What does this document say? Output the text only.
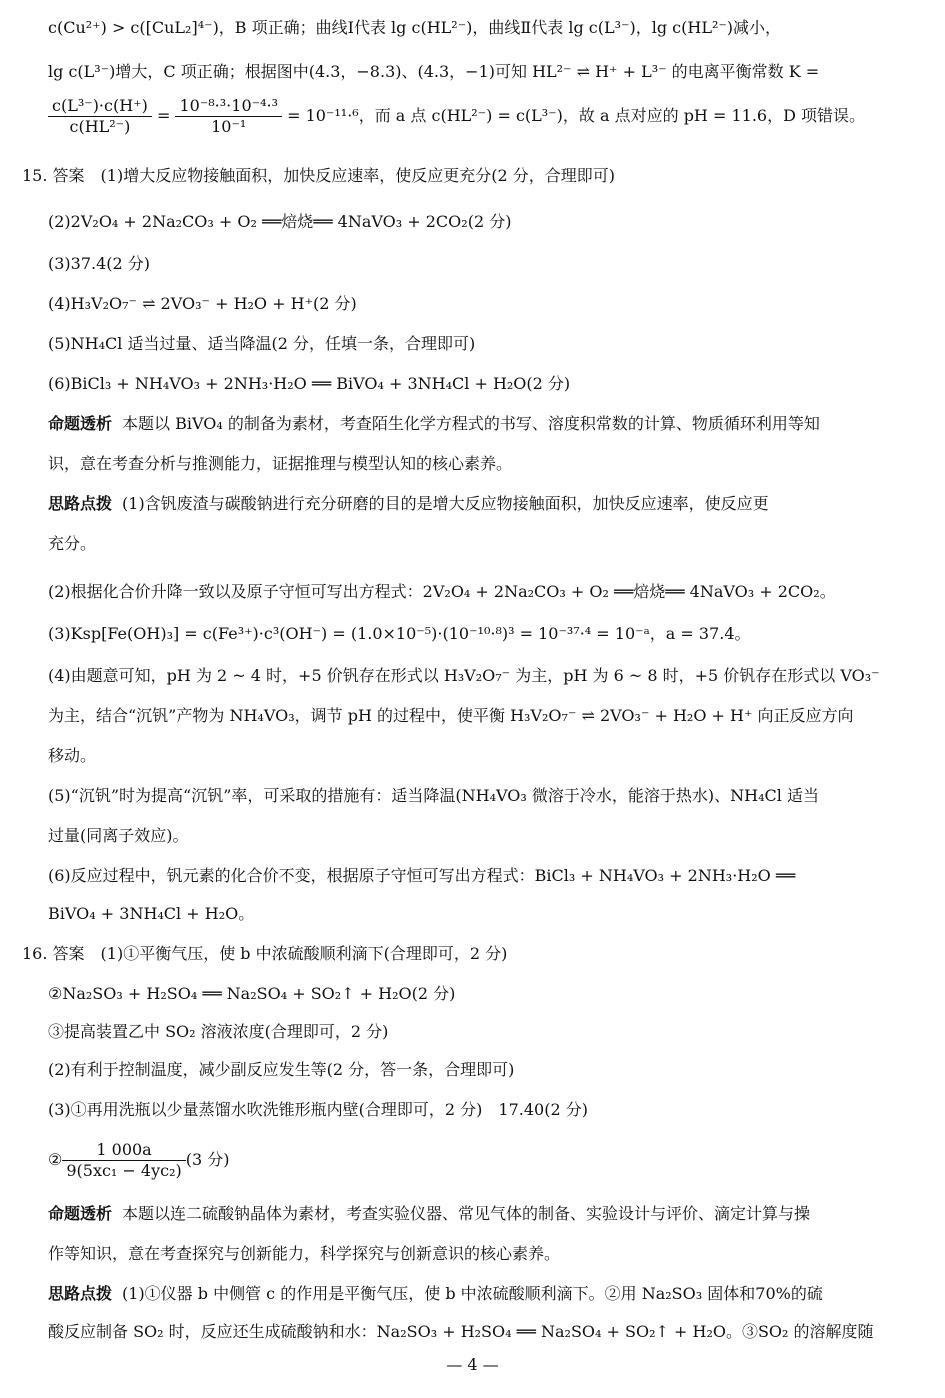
c(Cu²⁺) > c([CuL₂]⁴⁻)，B 项正确；曲线Ⅰ代表 lg c(HL²⁻)，曲线Ⅱ代表 lg c(L³⁻)，lg c(HL²⁻)减小，
lg c(L³⁻)增大，C 项正确；根据图中(4.3，−8.3)、(4.3，−1)可知 HL²⁻ ⇌ H⁺ + L³⁻ 的电离平衡常数 K =
$\frac{\text{c(L³⁻)·c(H⁺)}}{\text{c(HL²⁻)}} = \frac{\text{10⁻⁸·³·10⁻⁴·³}}{\text{10⁻¹}} = 10^{-11}\cdot^6$，而 a 点 c(HL²⁻) = c(L³⁻)，故 a 点对应的 pH = 11.6，D 项错误。
15. 答案　(1)增大反应物接触面积，加快反应速率，使反应更充分(2 分，合理即可)
(2)2V₂O₄ + 2Na₂CO₃ + O₂ ══焙烧══ 4NaVO₃ + 2CO₂(2 分)
(3)37.4(2 分)
(4)H₃V₂O₇⁻ ⇌ 2VO₃⁻ + H₂O + H⁺(2 分)
(5)NH₄Cl 适当过量、适当降温(2 分，任填一条，合理即可)
(6)BiCl₃ + NH₄VO₃ + 2NH₃·H₂O ══ BiVO₄ + 3NH₄Cl + H₂O(2 分)
命题透析 本题以 BiVO₄ 的制备为素材，考查陌生化学方程式的书写、溶度积常数的计算、物质循环利用等知
识，意在考查分析与推测能力，证据推理与模型认知的核心素养。
思路点拨 (1)含钒废渣与碳酸钠进行充分研磨的目的是增大反应物接触面积，加快反应速率，使反应更
充分。
(2)根据化合价升降一致以及原子守恒可写出方程式：2V₂O₄ + 2Na₂CO₃ + O₂ ══焙烧══ 4NaVO₃ + 2CO₂。
(3)Ksp[Fe(OH)₃] = c(Fe³⁺)·c³(OH⁻) = (1.0×10⁻⁵)·(10⁻¹⁰·⁸)³ = 10⁻³⁷·⁴ = 10⁻ᵃ，a = 37.4。
(4)由题意可知，pH 为 2 ~ 4 时，+5 价钒存在形式以 H₃V₂O₇⁻ 为主，pH 为 6 ~ 8 时，+5 价钒存在形式以 VO₃⁻
为主，结合“沉钒”产物为 NH₄VO₃，调节 pH 的过程中，使平衡 H₃V₂O₇⁻ ⇌ 2VO₃⁻ + H₂O + H⁺ 向正反应方向
移动。
(5)“沉钒”时为提高“沉钒”率，可采取的措施有：适当降温(NH₄VO₃ 微溶于冷水，能溶于热水)、NH₄Cl 适当
过量(同离子效应)。
(6)反应过程中，钒元素的化合价不变，根据原子守恒可写出方程式：BiCl₃ + NH₄VO₃ + 2NH₃·H₂O ══
BiVO₄ + 3NH₄Cl + H₂O。
16. 答案　(1)①平衡气压，使 b 中浓硫酸顺利滴下(合理即可，2 分)
②Na₂SO₃ + H₂SO₄ ══ Na₂SO₄ + SO₂↑ + H₂O(2 分)
③提高装置乙中 SO₂ 溶液浓度(合理即可，2 分)
(2)有利于控制温度，减少副反应发生等(2 分，答一条，合理即可)
(3)①再用洗瓶以少量蒸馏水吹洗锥形瓶内壁(合理即可，2 分)　17.40(2 分)
② $\frac{1 000a}{\text{9(5xc₁ − 4yc₂)}} (3$ 分)
命题透析 本题以连二硫酸钠晶体为素材，考查实验仪器、常见气体的制备、实验设计与评价、滴定计算与操
作等知识，意在考查探究与创新能力，科学探究与创新意识的核心素养。
思路点拨 (1)①仪器 b 中侧管 c 的作用是平衡气压，使 b 中浓硫酸顺利滴下。②用 Na₂SO₃ 固体和70%的硫
酸反应制备 SO₂ 时，反应还生成硫酸钠和水：Na₂SO₃ + H₂SO₄ ══ Na₂SO₄ + SO₂↑ + H₂O。③SO₂ 的溶解度随
— 4 —
